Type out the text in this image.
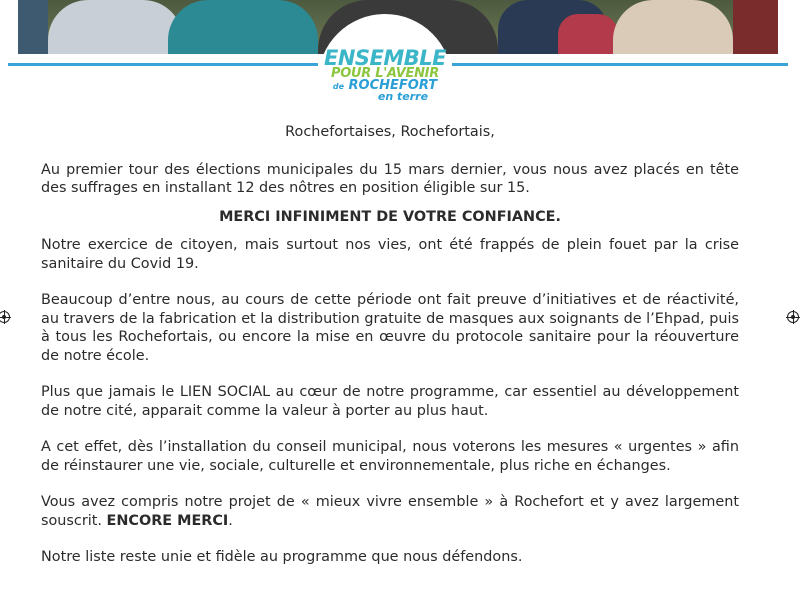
ENSEMBLE
POUR L'AVENIR
de ROCHEFORT
en terre

Rochefortaises, Rochefortais,

Au premier tour des élections municipales du 15 mars dernier, vous nous avez placés en tête des suffrages en installant 12 des nôtres en position éligible sur 15.

MERCI INFINIMENT DE VOTRE CONFIANCE.

Notre exercice de citoyen, mais surtout nos vies, ont été frappés de plein fouet par la crise sanitaire du Covid 19.

Beaucoup d’entre nous, au cours de cette période ont fait preuve d’initiatives et de réactivité, au travers de la fabrication et la distribution gratuite de masques aux soignants de l’Ehpad, puis à tous les Rochefortais, ou encore la mise en œuvre du protocole sanitaire pour la réouverture de notre école.

Plus que jamais le LIEN SOCIAL au cœur de notre programme, car essentiel au développement de notre cité, apparait comme la valeur à porter au plus haut.

A cet effet, dès l’installation du conseil municipal, nous voterons les mesures « urgentes » afin de réinstaurer une vie, sociale, culturelle et environnementale, plus riche en échanges.

Vous avez compris notre projet de « mieux vivre ensemble » à Rochefort et y avez largement souscrit. ENCORE MERCI.

Notre liste reste unie et fidèle au programme que nous défendons.
